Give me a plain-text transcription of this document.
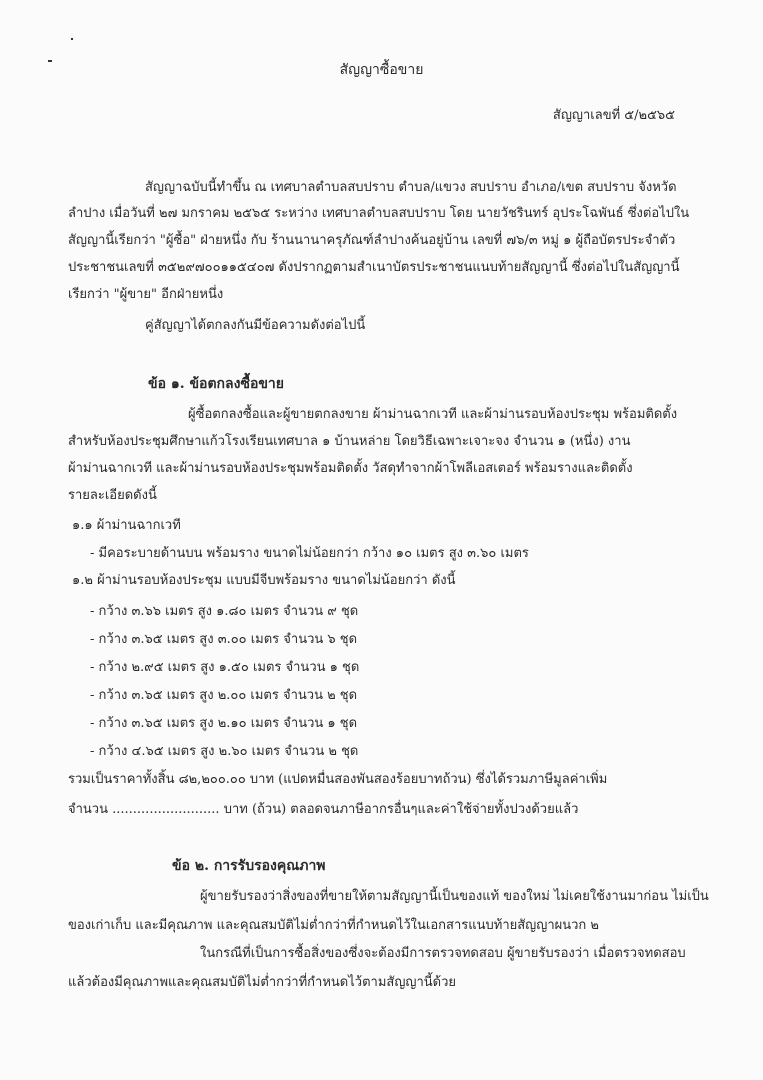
สัญญาซื้อขาย
สัญญาเลขที่ ๕/๒๕๖๕
สัญญาฉบับนี้ทำขึ้น ณ เทศบาลตำบลสบปราบ ตำบล/แขวง สบปราบ อำเภอ/เขต สบปราบ จังหวัด
ลำปาง เมื่อวันที่ ๒๗ มกราคม ๒๕๖๕ ระหว่าง เทศบาลตำบลสบปราบ โดย นายวัชรินทร์ อุประโฉพันธ์ ซึ่งต่อไปใน
สัญญานี้เรียกว่า "ผู้ซื้อ" ฝ่ายหนึ่ง กับ ร้านนานาครุภัณฑ์ลำปางค้นอยู่บ้าน เลขที่ ๗๖/๓ หมู่ ๑ ผู้ถือบัตรประจำตัว
ประชาชนเลขที่ ๓๕๒๙๗๐๐๑๑๕๔๐๗ ดังปรากฏตามสำเนาบัตรประชาชนแนบท้ายสัญญานี้ ซึ่งต่อไปในสัญญานี้
เรียกว่า "ผู้ขาย" อีกฝ่ายหนึ่ง
คู่สัญญาได้ตกลงกันมีข้อความดังต่อไปนี้
ข้อ ๑. ข้อตกลงซื้อขาย
ผู้ซื้อตกลงซื้อและผู้ขายตกลงขาย ผ้าม่านฉากเวที และผ้าม่านรอบห้องประชุม พร้อมติดตั้ง
สำหรับห้องประชุมศึกษาแก้วโรงเรียนเทศบาล ๑ บ้านหล่าย โดยวิธีเฉพาะเจาะจง จำนวน ๑ (หนึ่ง) งาน
ผ้าม่านฉากเวที และผ้าม่านรอบห้องประชุมพร้อมติดตั้ง วัสดุทำจากผ้าโพลีเอสเตอร์ พร้อมรางและติดตั้ง
รายละเอียดดังนี้
๑.๑ ผ้าม่านฉากเวที
- มีคอระบายด้านบน พร้อมราง ขนาดไม่น้อยกว่า กว้าง ๑๐ เมตร สูง ๓.๖๐ เมตร
๑.๒ ผ้าม่านรอบห้องประชุม แบบมีจีบพร้อมราง ขนาดไม่น้อยกว่า ดังนี้
- กว้าง ๓.๖๖ เมตร สูง ๑.๘๐ เมตร จำนวน ๙ ชุด
- กว้าง ๓.๖๕ เมตร สูง ๓.๐๐ เมตร จำนวน ๖ ชุด
- กว้าง ๒.๙๕ เมตร สูง ๑.๕๐ เมตร จำนวน ๑ ชุด
- กว้าง ๓.๖๕ เมตร สูง ๒.๐๐ เมตร จำนวน ๒ ชุด
- กว้าง ๓.๖๕ เมตร สูง ๒.๑๐ เมตร จำนวน ๑ ชุด
- กว้าง ๔.๖๕ เมตร สูง ๒.๖๐ เมตร จำนวน ๒ ชุด
รวมเป็นราคาทั้งสิ้น ๘๒,๒๐๐.๐๐ บาท (แปดหมื่นสองพันสองร้อยบาทถ้วน) ซึ่งได้รวมภาษีมูลค่าเพิ่ม
จำนวน .......................... บาท (ถ้วน) ตลอดจนภาษีอากรอื่นๆและค่าใช้จ่ายทั้งปวงด้วยแล้ว
ข้อ ๒. การรับรองคุณภาพ
ผู้ขายรับรองว่าสิ่งของที่ขายให้ตามสัญญานี้เป็นของแท้ ของใหม่ ไม่เคยใช้งานมาก่อน ไม่เป็น
ของเก่าเก็บ และมีคุณภาพ และคุณสมบัติไม่ต่ำกว่าที่กำหนดไว้ในเอกสารแนบท้ายสัญญาผนวก ๒
ในกรณีที่เป็นการซื้อสิ่งของซึ่งจะต้องมีการตรวจทดสอบ ผู้ขายรับรองว่า เมื่อตรวจทดสอบ
แล้วต้องมีคุณภาพและคุณสมบัติไม่ต่ำกว่าที่กำหนดไว้ตามสัญญานี้ด้วย
